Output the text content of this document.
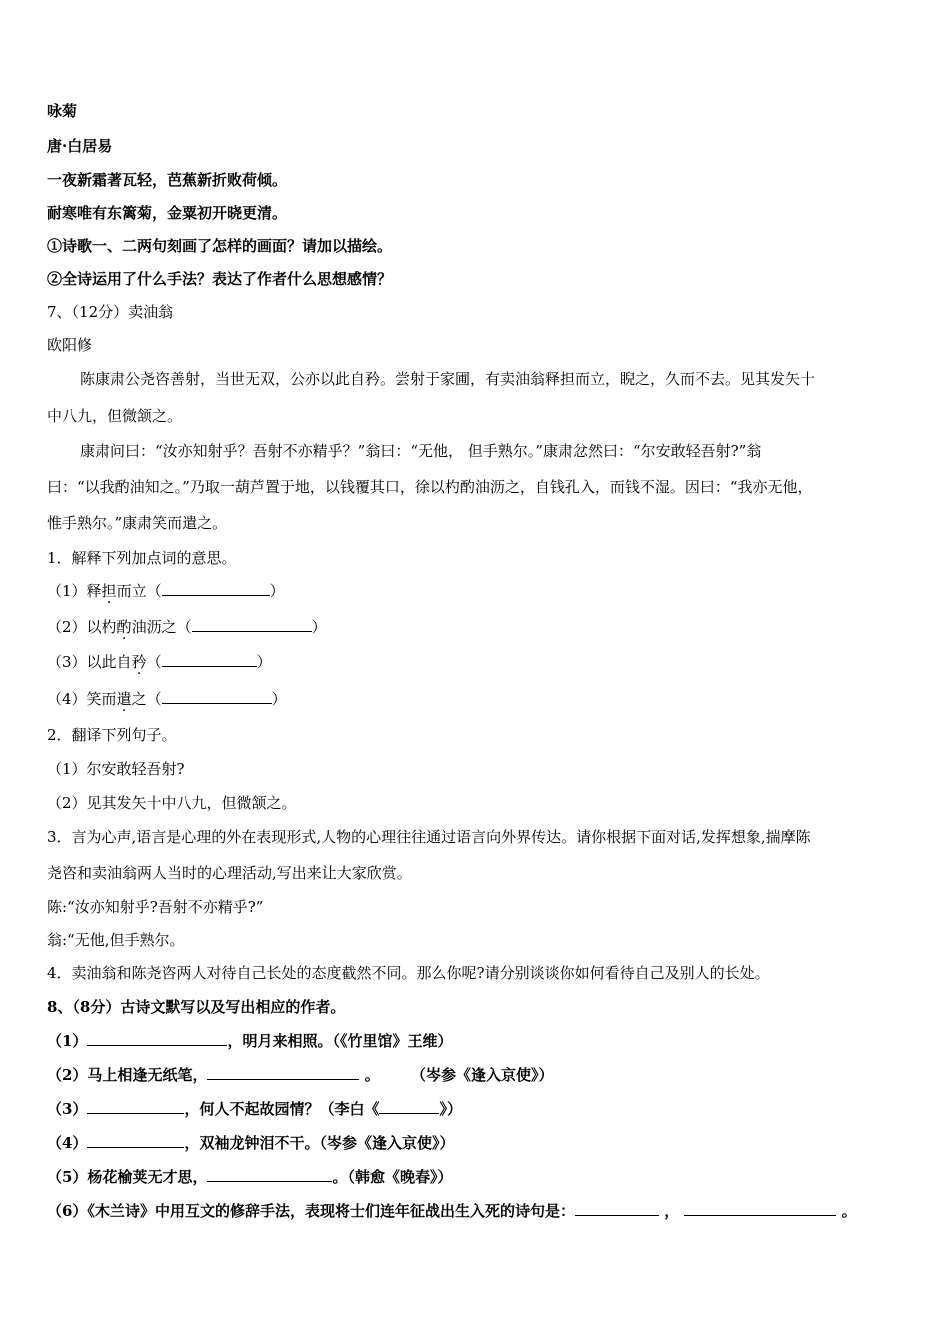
咏菊
唐·白居易
一夜新霜著瓦轻，芭蕉新折败荷倾。
耐寒唯有东篱菊，金粟初开晓更清。
①诗歌一、二两句刻画了怎样的画面？请加以描绘。
②全诗运用了什么手法？表达了作者什么思想感情？
7、（12分）卖油翁
欧阳修
陈康肃公尧咨善射，当世无双，公亦以此自矜。尝射于家圃，有卖油翁释担而立，睨之，久而不去。见其发矢十
中八九，但微颔之。
康肃问曰：“汝亦知射乎？吾射不亦精乎？”翁曰：“无他， 但手熟尔。”康肃忿然曰：“尔安敢轻吾射?”翁
曰：“以我酌油知之。”乃取一葫芦置于地，以钱覆其口，徐以杓酌油沥之，自钱孔入，而钱不湿。因曰：“我亦无他，
惟手熟尔。”康肃笑而遣之。
1．解释下列加点词的意思。
（1）释担而立（	）
（2）以杓酌油沥之（	）
（3）以此自矜（	）
（4）笑而遣之（	）
2．翻译下列句子。
（1）尔安敢轻吾射?
（2）见其发矢十中八九，但微颔之。
3．言为心声,语言是心理的外在表现形式,人物的心理往往通过语言向外界传达。请你根据下面对话,发挥想象,揣摩陈
尧咨和卖油翁两人当时的心理活动,写出来让大家欣赏。
陈:“汝亦知射乎?吾射不亦精乎?”
翁:“无他,但手熟尔。
4．卖油翁和陈尧咨两人对待自己长处的态度截然不同。那么你呢?请分别谈谈你如何看待自己及别人的长处。
8、（8分）古诗文默写以及写出相应的作者。
（1）	，明月来相照。（《竹里馆》王维）
（2）马上相逢无纸笔，	。 （岑参《逢入京使》）
（3）	，何人不起故园情？（李白《	》）
（4）	，双袖龙钟泪不干。（岑参《逢入京使》）
（5）杨花榆荚无才思，	。（韩愈《晚春》）
（6）《木兰诗》中用互文的修辞手法，表现将士们连年征战出生入死的诗句是：	，	。
